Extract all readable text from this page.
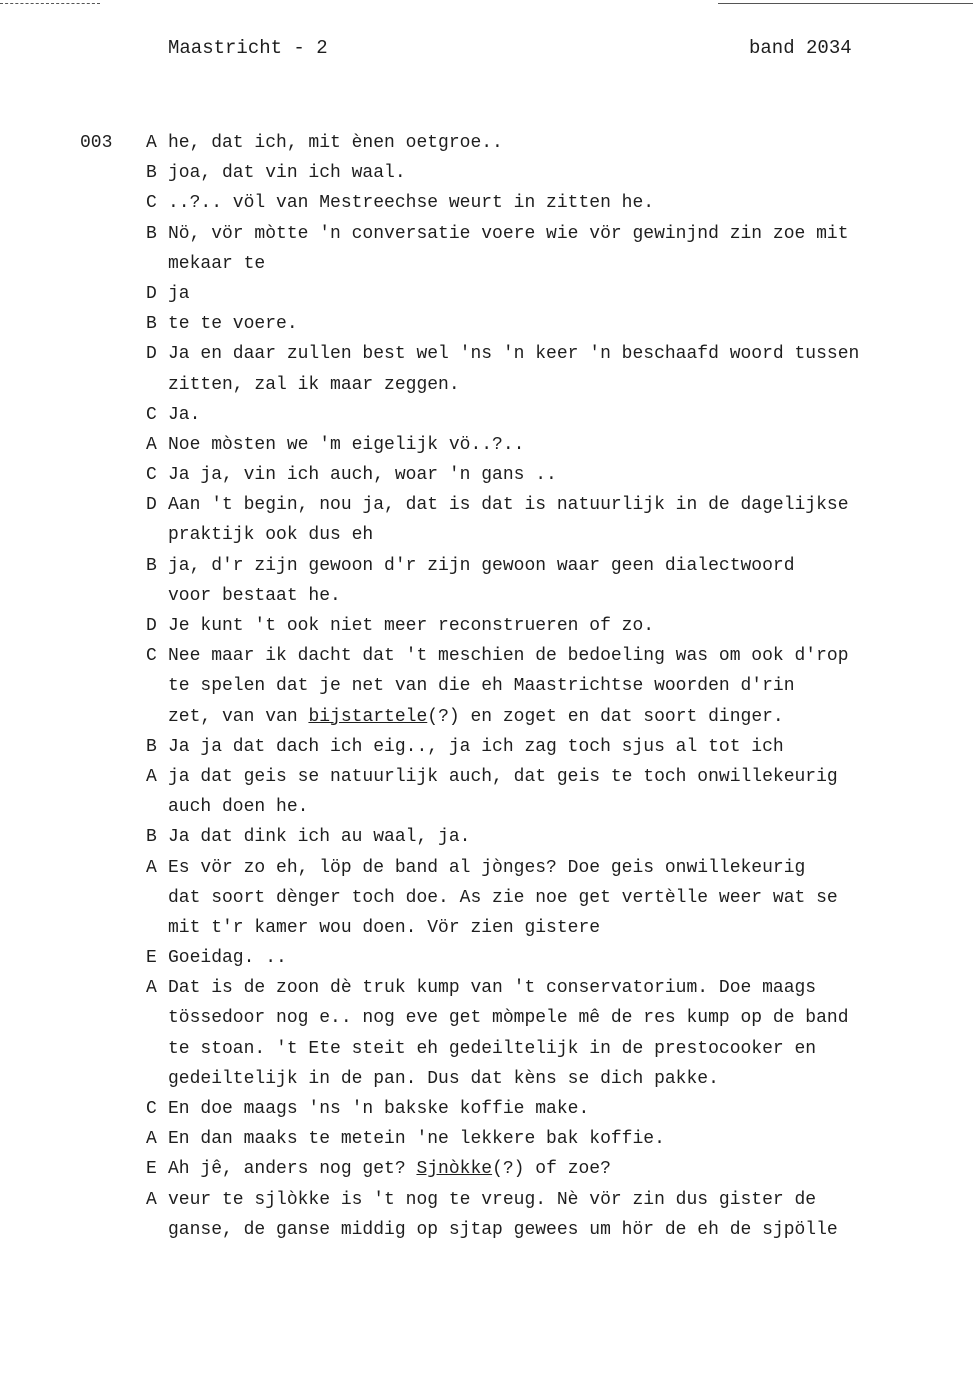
Maastricht - 2	band 2034

003

A

he, dat ich, mit ènen oetgroe..

B

joa, dat vin ich waal.

C

..?.. völ van Mestreechse weurt in zitten he.

B

Nö, vör mòtte 'n conversatie voere wie vör gewinjnd zin zoe mit

mekaar te

D

ja

B

te te voere.

D

Ja en daar zullen best wel 'ns 'n keer 'n beschaafd woord tussen

zitten, zal ik maar zeggen.

C

Ja.

A

Noe mòsten we 'm eigelijk vö..?..

C

Ja ja, vin ich auch, woar 'n gans ..

D

Aan 't begin, nou ja, dat is dat is natuurlijk in de dagelijkse

praktijk ook dus eh

B

ja, d'r zijn gewoon d'r zijn gewoon waar geen dialectwoord

voor bestaat he.

D

Je kunt 't ook niet meer reconstrueren of zo.

C

Nee maar ik dacht dat 't meschien de bedoeling was om ook d'rop

te spelen dat je net van die eh Maastrichtse woorden d'rin

zet, van van bijstartele(?) en zoget en dat soort dinger.

B

Ja ja dat dach ich eig.., ja ich zag toch sjus al tot ich

A

ja dat geis se natuurlijk auch, dat geis te toch onwillekeurig

auch doen he.

B

Ja dat dink ich au waal, ja.

A

Es vör zo eh, löp de band al jònges? Doe geis onwillekeurig

dat soort dènger toch doe. As zie noe get vertèlle weer wat se

mit t'r kamer wou doen. Vör zien gistere

E

Goeidag. ..

A

Dat is de zoon dè truk kump van 't conservatorium. Doe maags

tössedoor nog e.. nog eve get mòmpele mê de res kump op de band

te stoan. 't Ete steit eh gedeiltelijk in de prestocooker en

gedeiltelijk in de pan. Dus dat kèns se dich pakke.

C

En doe maags 'ns 'n bakske koffie make.

A

En dan maaks te metein 'ne lekkere bak koffie.

E

Ah jê, anders nog get? Sjnòkke(?) of zoe?

A

veur te sjlòkke is 't nog te vreug. Nè vör zin dus gister de

ganse, de ganse middig op sjtap gewees um hör de eh de sjpölle
